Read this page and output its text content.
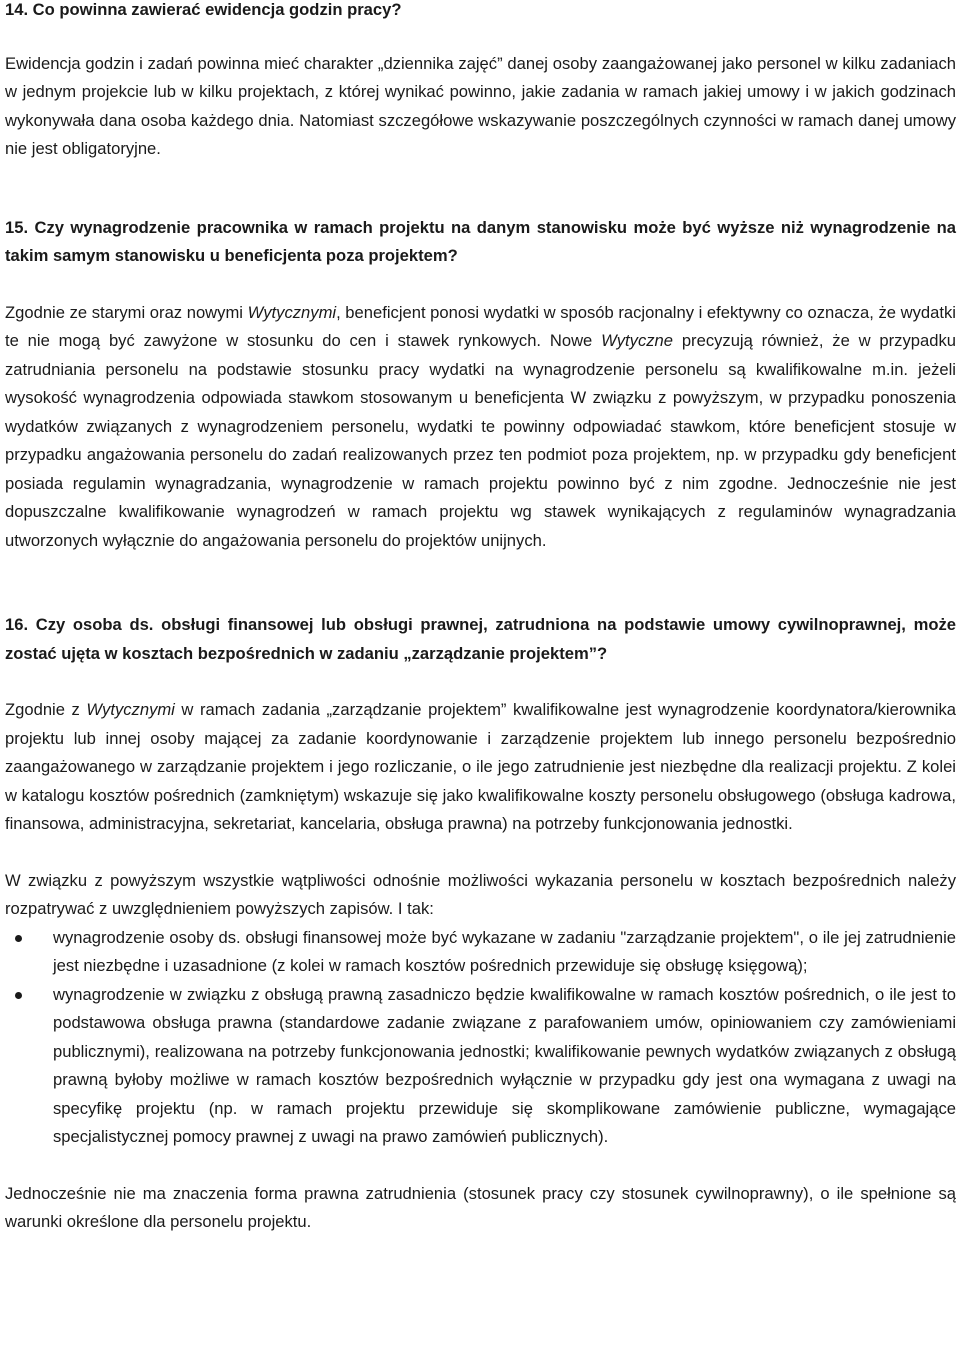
14. Co powinna zawierać ewidencja godzin pracy?

Ewidencja godzin i zadań powinna mieć charakter „dziennika zajęć” danej osoby zaangażowanej jako personel w kilku zadaniach w jednym projekcie lub w kilku projektach, z której wynikać powinno, jakie zadania w ramach jakiej umowy i w jakich godzinach wykonywała dana osoba każdego dnia. Natomiast szczegółowe wskazywanie poszczególnych czynności w ramach danej umowy nie jest obligatoryjne.

15. Czy wynagrodzenie pracownika w ramach projektu na danym stanowisku może być wyższe niż wynagrodzenie na takim samym stanowisku u beneficjenta poza projektem?

Zgodnie ze starymi oraz nowymi Wytycznymi, beneficjent ponosi wydatki w sposób racjonalny i efektywny co oznacza, że wydatki te nie mogą być zawyżone w stosunku do cen i stawek rynkowych. Nowe Wytyczne precyzują również, że w przypadku zatrudniania personelu na podstawie stosunku pracy wydatki na wynagrodzenie personelu są kwalifikowalne m.in. jeżeli wysokość wynagrodzenia odpowiada stawkom stosowanym u beneficjenta W związku z powyższym, w przypadku ponoszenia wydatków związanych z wynagrodzeniem personelu, wydatki te powinny odpowiadać stawkom, które beneficjent stosuje w przypadku angażowania personelu do zadań realizowanych przez ten podmiot poza projektem, np. w przypadku gdy beneficjent posiada regulamin wynagradzania, wynagrodzenie w ramach projektu powinno być z nim zgodne. Jednocześnie nie jest dopuszczalne kwalifikowanie wynagrodzeń w ramach projektu wg stawek wynikających z regulaminów wynagradzania utworzonych wyłącznie do angażowania personelu do projektów unijnych.

16. Czy osoba ds. obsługi finansowej lub obsługi prawnej, zatrudniona na podstawie umowy cywilnoprawnej, może zostać ujęta w kosztach bezpośrednich w zadaniu „zarządzanie projektem”?

Zgodnie z Wytycznymi w ramach zadania „zarządzanie projektem” kwalifikowalne jest wynagrodzenie koordynatora/kierownika projektu lub innej osoby mającej za zadanie koordynowanie i zarządzenie projektem lub innego personelu bezpośrednio zaangażowanego w zarządzanie projektem i jego rozliczanie, o ile jego zatrudnienie jest niezbędne dla realizacji projektu. Z kolei w katalogu kosztów pośrednich (zamkniętym) wskazuje się jako kwalifikowalne koszty personelu obsługowego (obsługa kadrowa, finansowa, administracyjna, sekretariat, kancelaria, obsługa prawna) na potrzeby funkcjonowania jednostki.

W związku z powyższym wszystkie wątpliwości odnośnie możliwości wykazania personelu w kosztach bezpośrednich należy rozpatrywać z uwzględnieniem powyższych zapisów. I tak:

wynagrodzenie osoby ds. obsługi finansowej może być wykazane w zadaniu "zarządzanie projektem", o ile jej zatrudnienie jest niezbędne i uzasadnione (z kolei w ramach kosztów pośrednich przewiduje się obsługę księgową);
wynagrodzenie w związku z obsługą prawną zasadniczo będzie kwalifikowalne w ramach kosztów pośrednich, o ile jest to podstawowa obsługa prawna (standardowe zadanie związane z parafowaniem umów, opiniowaniem czy zamówieniami publicznymi), realizowana na potrzeby funkcjonowania jednostki; kwalifikowanie pewnych wydatków związanych z obsługą prawną byłoby możliwe w ramach kosztów bezpośrednich wyłącznie w przypadku gdy jest ona wymagana z uwagi na specyfikę projektu (np. w ramach projektu przewiduje się skomplikowane zamówienie publiczne, wymagające specjalistycznej pomocy prawnej z uwagi na prawo zamówień publicznych).

Jednocześnie nie ma znaczenia forma prawna zatrudnienia (stosunek pracy czy stosunek cywilnoprawny), o ile spełnione są warunki określone dla personelu projektu.
